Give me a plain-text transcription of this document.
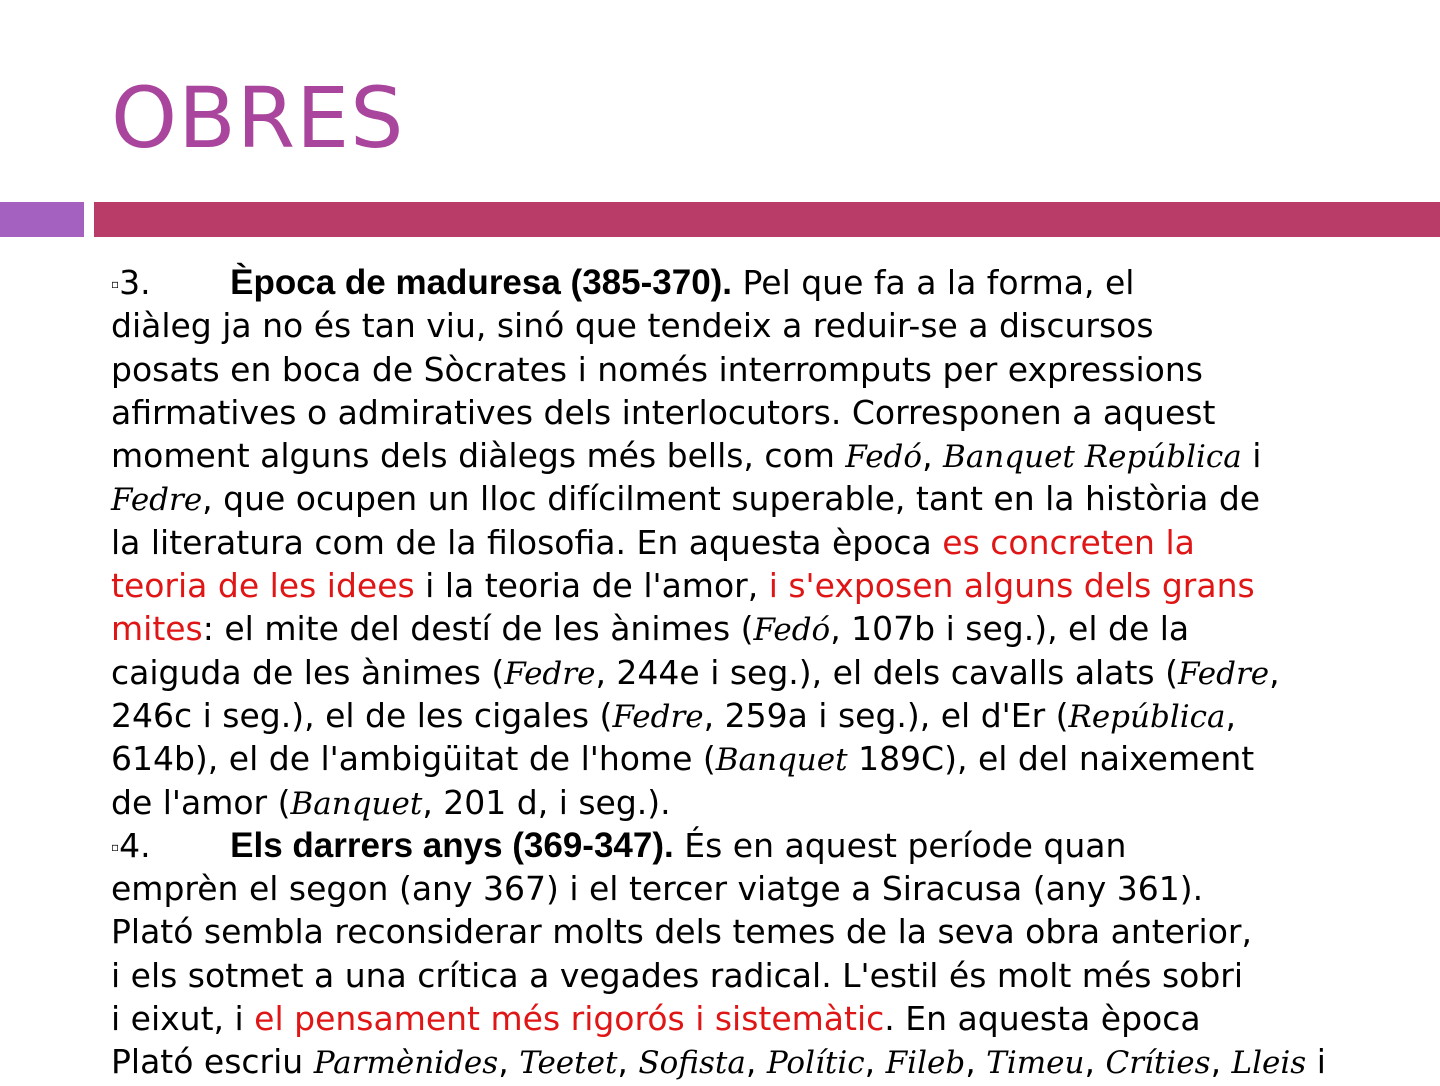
OBRES

▫3. Època de maduresa (385-370). Pel que fa a la forma, el
diàleg ja no és tan viu, sinó que tendeix a reduir-se a discursos
posats en boca de Sòcrates i només interromputs per expressions
afirmatives o admiratives dels interlocutors. Corresponen a aquest
moment alguns dels diàlegs més bells, com Fedó, Banquet República i
Fedre, que ocupen un lloc difícilment superable, tant en la història de
la literatura com de la filosofia. En aquesta època es concreten la
teoria de les idees i la teoria de l'amor, i s'exposen alguns dels grans
mites: el mite del destí de les ànimes (Fedó, 107b i seg.), el de la
caiguda de les ànimes (Fedre, 244e i seg.), el dels cavalls alats (Fedre,
246c i seg.), el de les cigales (Fedre, 259a i seg.), el d'Er (República,
614b), el de l'ambigüitat de l'home (Banquet 189C), el del naixement
de l'amor (Banquet, 201 d, i seg.).

▫4. Els darrers anys (369-347). És en aquest període quan
emprèn el segon (any 367) i el tercer viatge a Siracusa (any 361).
Plató sembla reconsiderar molts dels temes de la seva obra anterior,
i els sotmet a una crítica a vegades radical. L'estil és molt més sobri
i eixut, i el pensament més rigorós i sistemàtic. En aquesta època
Plató escriu Parmènides, Teetet, Sofista, Polític, Fileb, Timeu, Críties, Lleis i
